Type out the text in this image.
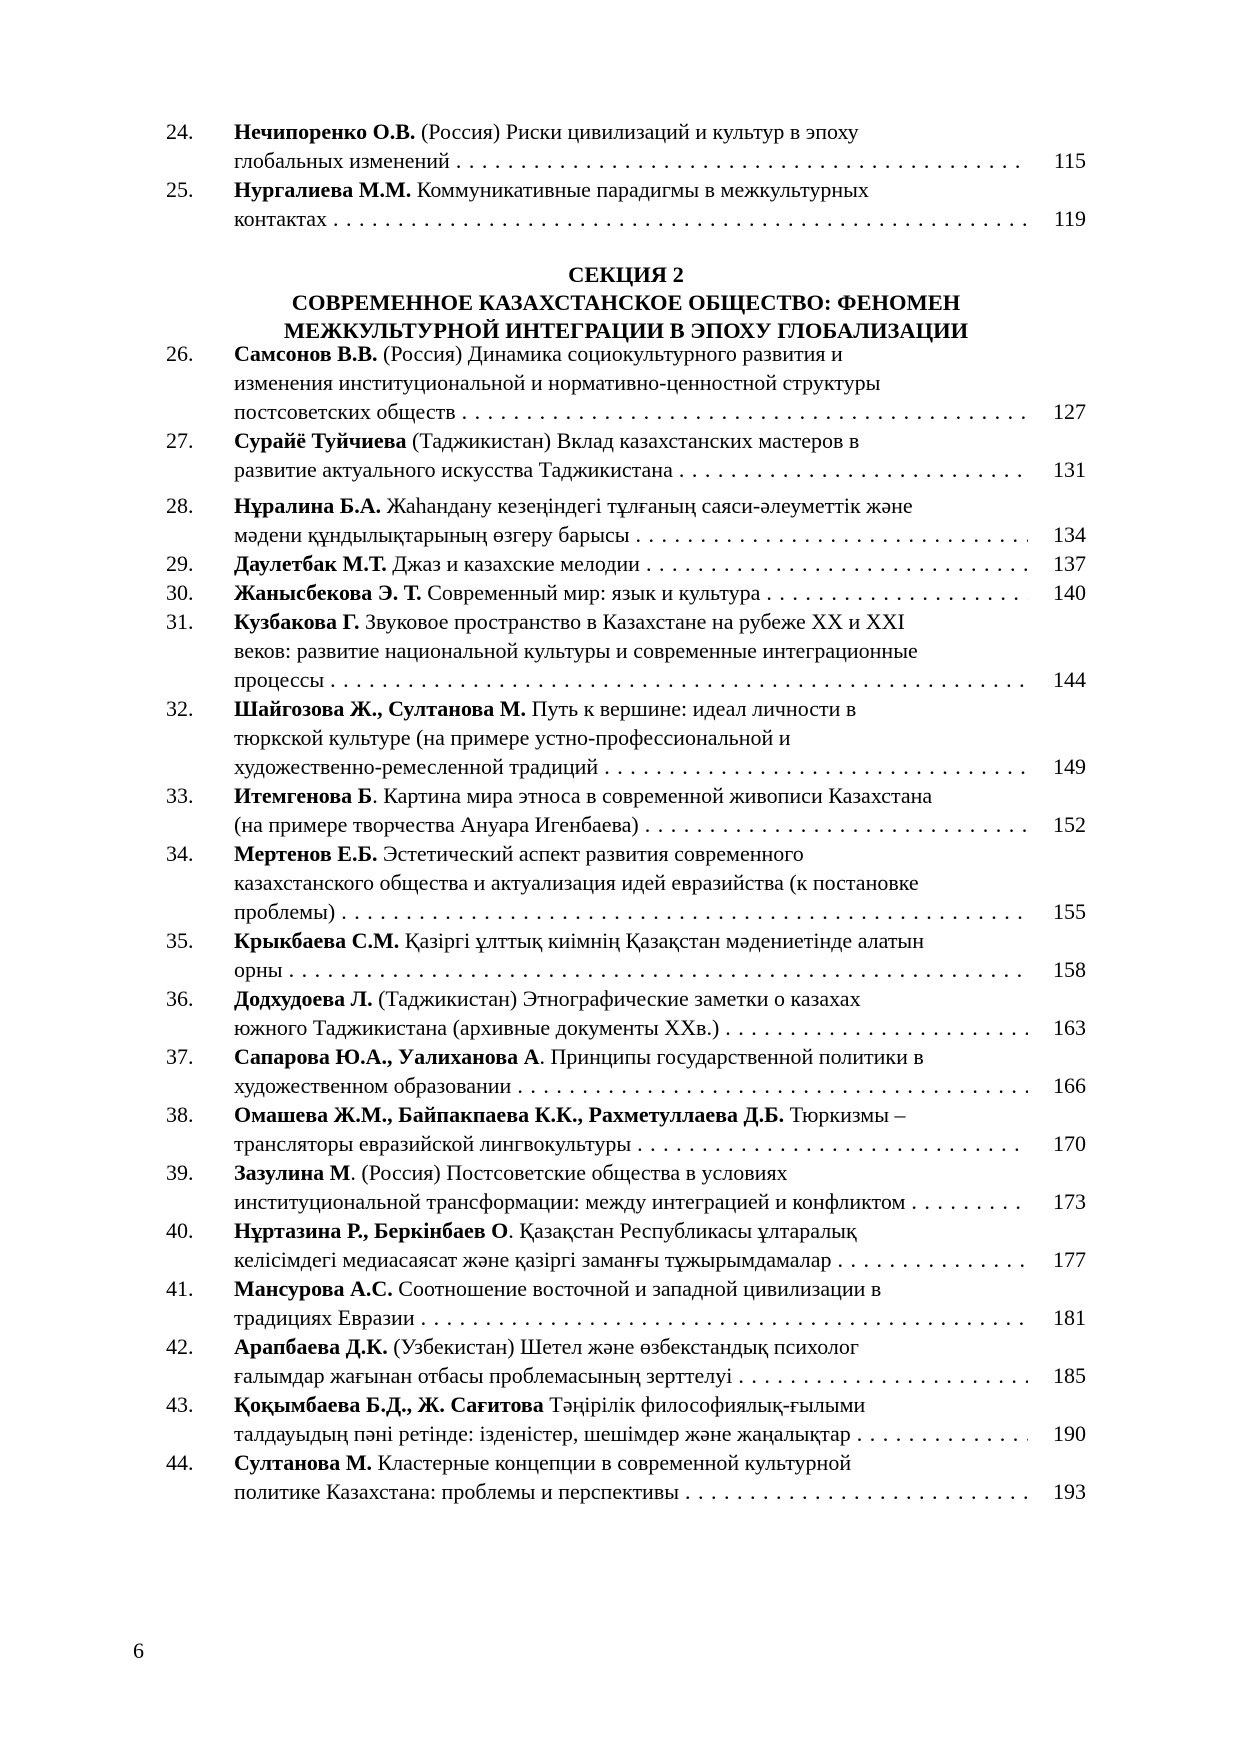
24. Нечипоренко О.В. (Россия) Риски цивилизаций и культур в эпоху
глобальных изменений . . .	115
25. Нургалиева М.М. Коммуникативные парадигмы в межкультурных
контактах . . .	119
СЕКЦИЯ 2
СОВРЕМЕННОЕ КАЗАХСТАНСКОЕ ОБЩЕСТВО: ФЕНОМЕН
МЕЖКУЛЬТУРНОЙ ИНТЕГРАЦИИ В ЭПОХУ ГЛОБАЛИЗАЦИИ
26. Самсонов В.В. (Россия) Динамика социокультурного развития и
изменения институциональной и нормативно-ценностной структуры
постсоветских обществ . . .	127
27. Сурайё Туйчиева (Таджикистан) Вклад казахстанских мастеров в
развитие актуального искусства Таджикистана . . .	131
28. Нұралина Б.А. Жаһандану кезеңіндегі тұлғаның саяси-әлеуметтік және
мәдени құндылықтарының өзгеру барысы . . .	134
29. Даулетбак М.Т. Джаз и казахские мелодии . . .	137
30. Жанысбекова Э. Т. Современный мир: язык и культура . . .	140
31. Кузбакова Г. Звуковое пространство в Казахстане на рубеже XX и XXI
веков: развитие национальной культуры и современные интеграционные
процессы . . .	144
32. Шайгозова Ж., Султанова М. Путь к вершине: идеал личности в
тюркской культуре (на примере устно-профессиональной и
художественно-ремесленной традиций . . .	149
33. Итемгенова Б. Картина мира этноса в современной живописи Казахстана
(на примере творчества Ануара Игенбаева) . . .	152
34. Мертенов Е.Б. Эстетический аспект развития современного
казахстанского общества и актуализация идей евразийства (к постановке
проблемы) . . .	155
35. Крыкбаева С.М. Қазіргі ұлттық киімнің Қазақстан мәдениетінде алатын
орны . . .	158
36. Додхудоева Л. (Таджикистан) Этнографические заметки о казахах
южного Таджикистана (архивные документы XXв.) . . .	163
37. Сапарова Ю.А., Уалиханова А. Принципы государственной политики в
художественном образовании . . .	166
38. Омашева Ж.М., Байпакпаева К.К., Рахметуллаева Д.Б. Тюркизмы –
трансляторы евразийской лингвокультуры . . .	170
39. Зазулина М. (Россия) Постсоветские общества в условиях
институциональной трансформации: между интеграцией и конфликтом . . .	173
40. Нұртазина Р., Беркінбаев О. Қазақстан Республикасы ұлтаралық
келісімдегі медиасаясат және қазіргі заманғы тұжырымдамалар . . .	177
41. Мансурова А.С. Соотношение восточной и западной цивилизации в
традициях Евразии . . .	181
42. Арапбаева Д.К. (Узбекистан) Шетел және өзбекстандық психолог
ғалымдар жағынан отбасы проблемасының зерттелуі . . .	185
43. Қоқымбаева Б.Д., Ж. Сағитова Тәңірілік философиялық-ғылыми
талдауыдың пәні ретінде: ізденістер, шешімдер және жаңалықтар . . .	190
44. Султанова М. Кластерные концепции в современной культурной
политике Казахстана: проблемы и перспективы . . .	193
6
